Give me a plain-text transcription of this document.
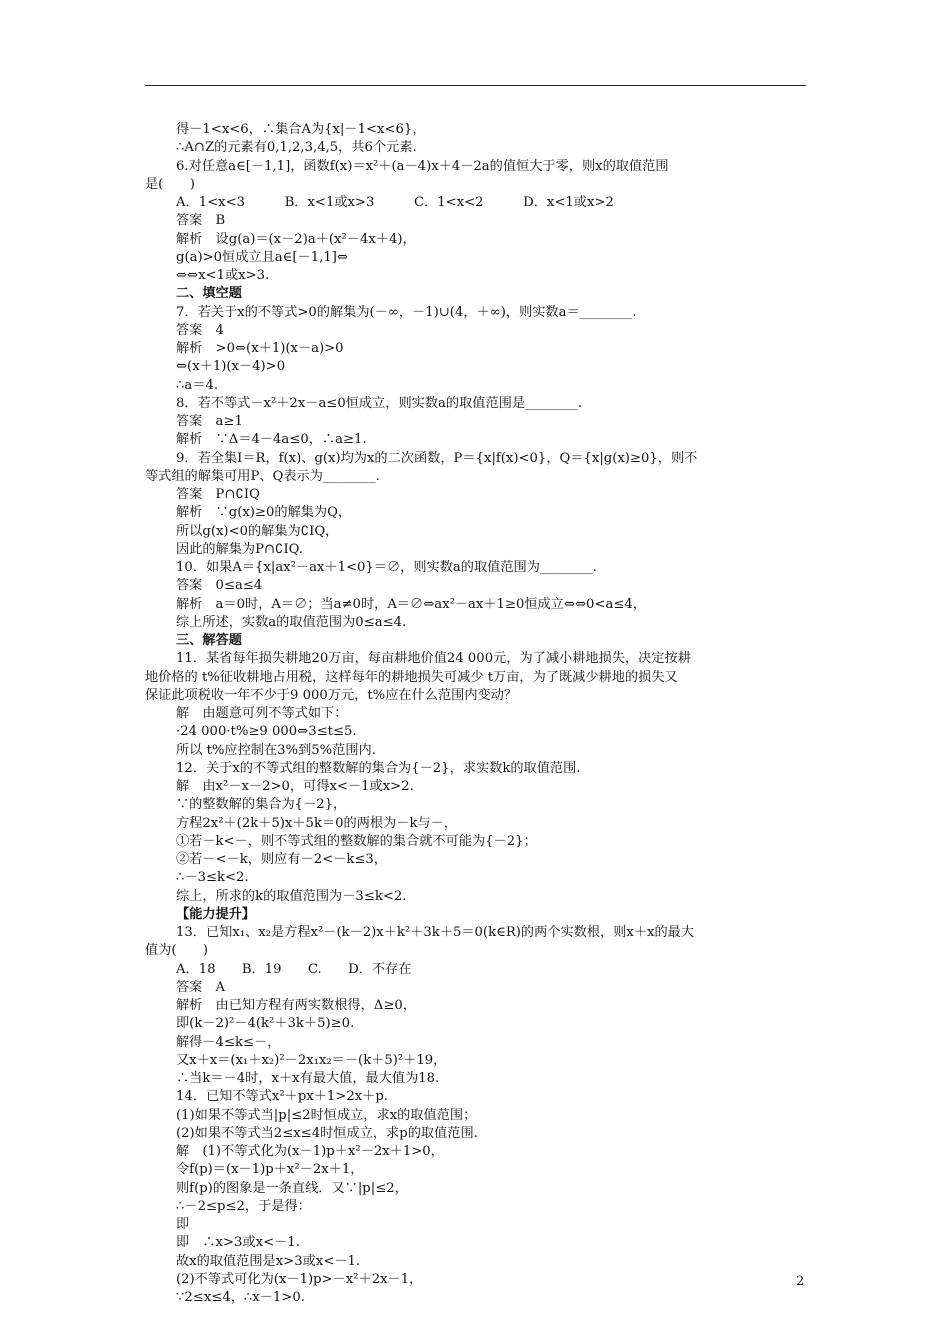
得－1<x<6，∴集合A为{x|－1<x<6}，
∴A∩Z的元素有0,1,2,3,4,5，共6个元素.
6.对任意a∈[－1,1]，函数f(x)＝x²＋(a－4)x＋4－2a的值恒大于零，则x的取值范围
是(　　)
A．1<x<3　　　B．x<1或x>3　　　C．1<x<2　　　D．x<1或x>2
答案　B
解析　设g(a)＝(x－2)a＋(x²－4x＋4)，
g(a)>0恒成立且a∈[－1,1]⇔
⇔⇔x<1或x>3.
二、填空题
7．若关于x的不等式>0的解集为(－∞，－1)∪(4，＋∞)，则实数a＝________.
答案　4
解析　>0⇔(x＋1)(x－a)>0
⇔(x＋1)(x－4)>0
∴a＝4.
8．若不等式－x²＋2x－a≤0恒成立，则实数a的取值范围是________.
答案　a≥1
解析　∵Δ＝4－4a≤0，∴a≥1.
9．若全集I＝R，f(x)、g(x)均为x的二次函数，P＝{x|f(x)<0}，Q＝{x|g(x)≥0}，则不
等式组的解集可用P、Q表示为________.
答案　P∩∁IQ
解析　∵g(x)≥0的解集为Q，
所以g(x)<0的解集为∁IQ，
因此的解集为P∩∁IQ.
10．如果A＝{x|ax²－ax＋1<0}＝∅，则实数a的取值范围为________.
答案　0≤a≤4
解析　a＝0时，A＝∅；当a≠0时，A＝∅⇔ax²－ax＋1≥0恒成立⇔⇔0<a≤4，
综上所述，实数a的取值范围为0≤a≤4.
三、解答题
11．某省每年损失耕地20万亩，每亩耕地价值24 000元，为了减小耕地损失，决定按耕
地价格的 t%征收耕地占用税，这样每年的耕地损失可减少 t万亩，为了既减少耕地的损失又
保证此项税收一年不少于9 000万元，t%应在什么范围内变动？
解　由题意可列不等式如下：
·24 000·t%≥9 000⇔3≤t≤5.
所以 t%应控制在3%到5%范围内.
12．关于x的不等式组的整数解的集合为{－2}，求实数k的取值范围.
解　由x²－x－2>0，可得x<－1或x>2.
∵的整数解的集合为{－2}，
方程2x²＋(2k＋5)x＋5k＝0的两根为－k与－，
①若－k<－，则不等式组的整数解的集合就不可能为{－2}；
②若－<－k，则应有－2<－k≤3，
∴－3≤k<2.
综上，所求的k的取值范围为－3≤k<2.
【能力提升】
13．已知x₁、x₂是方程x²－(k－2)x＋k²＋3k＋5＝0(k∈R)的两个实数根，则x＋x的最大
值为(　　)
A．18　　B．19　　C.　　D．不存在
答案　A
解析　由已知方程有两实数根得，Δ≥0，
即(k－2)²－4(k²＋3k＋5)≥0.
解得－4≤k≤－，
又x＋x＝(x₁＋x₂)²－2x₁x₂＝－(k＋5)²＋19，
∴当k＝－4时，x＋x有最大值，最大值为18.
14．已知不等式x²＋px＋1>2x＋p.
(1)如果不等式当|p|≤2时恒成立，求x的取值范围；
(2)如果不等式当2≤x≤4时恒成立，求p的取值范围.
解　(1)不等式化为(x－1)p＋x²－2x＋1>0，
令f(p)＝(x－1)p＋x²－2x＋1，
则f(p)的图象是一条直线．又∵|p|≤2，
∴－2≤p≤2，于是得：
即
即　∴x>3或x<－1.
故x的取值范围是x>3或x<－1.
(2)不等式可化为(x－1)p>－x²＋2x－1，
∵2≤x≤4，∴x－1>0.
2
